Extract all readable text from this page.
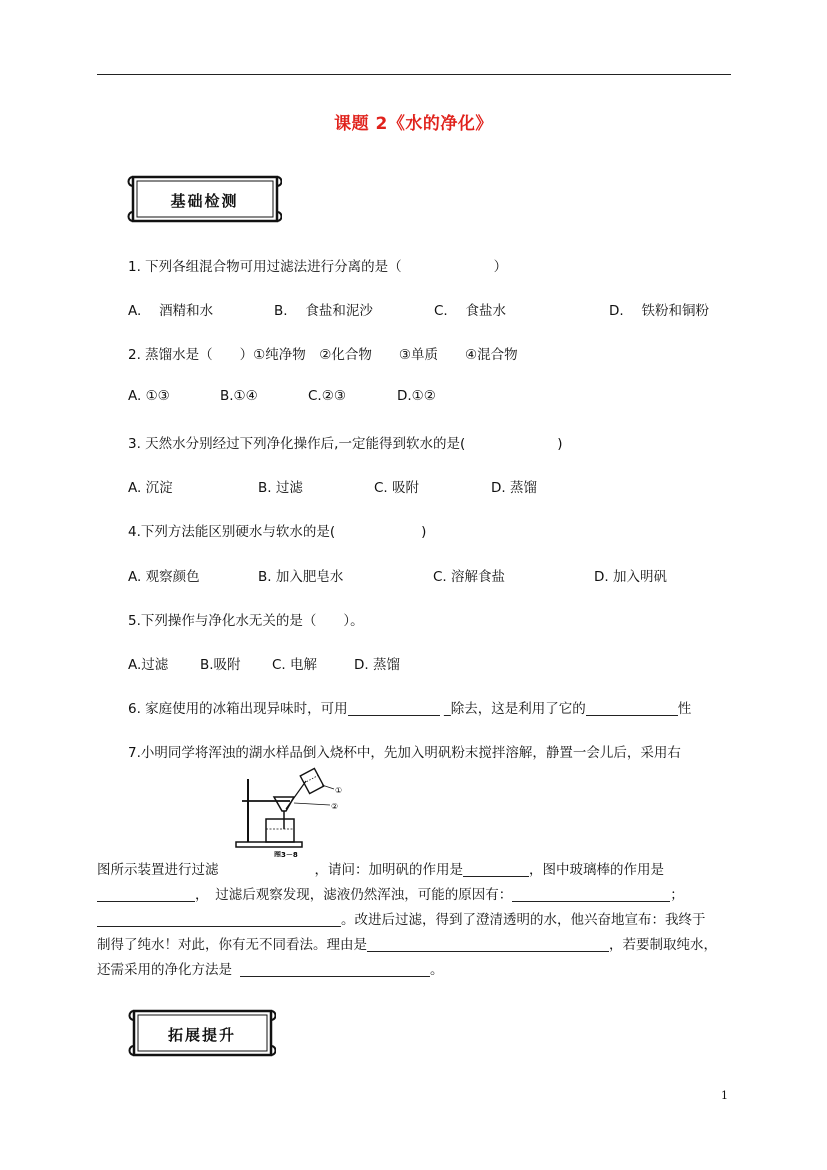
课题 2《水的净化》
基础检测
1. 下列各组混合物可用过滤法进行分离的是（	）
A.　 酒精和水	B.　 食盐和泥沙	C.　 食盐水	D.　 铁粉和铜粉
2. 蒸馏水是（　　）①纯净物　②化合物　　③单质　　④混合物
A. ①③	B.①④	C.②③	D.①②
3. 天然水分别经过下列净化操作后,一定能得到软水的是(	)
A. 沉淀	B. 过滤	C. 吸附	D. 蒸馏
4.下列方法能区别硬水与软水的是(	)
A. 观察颜色	B. 加入肥皂水	C. 溶解食盐	D. 加入明矾
5.下列操作与净化水无关的是（　　）。
A.过滤 B.吸附 C. 电解	D. 蒸馏
6. 家庭使用的冰箱出现异味时，可用	_除去，这是利用了它的	性
7.小明同学将浑浊的湖水样品倒入烧杯中，先加入明矾粉末搅拌溶解，静置一会儿后，采用右
①
②
图3－8
图所示装置进行过滤	，请问：加明矾的作用是	，图中玻璃棒的作用是
，　过滤后观察发现，滤液仍然浑浊，可能的原因有：	；
。改进后过滤，得到了澄清透明的水，他兴奋地宣布：我终于
制得了纯水！对此，你有无不同看法。理由是	，若要制取纯水，
还需采用的净化方法是	。
拓展提升
1
